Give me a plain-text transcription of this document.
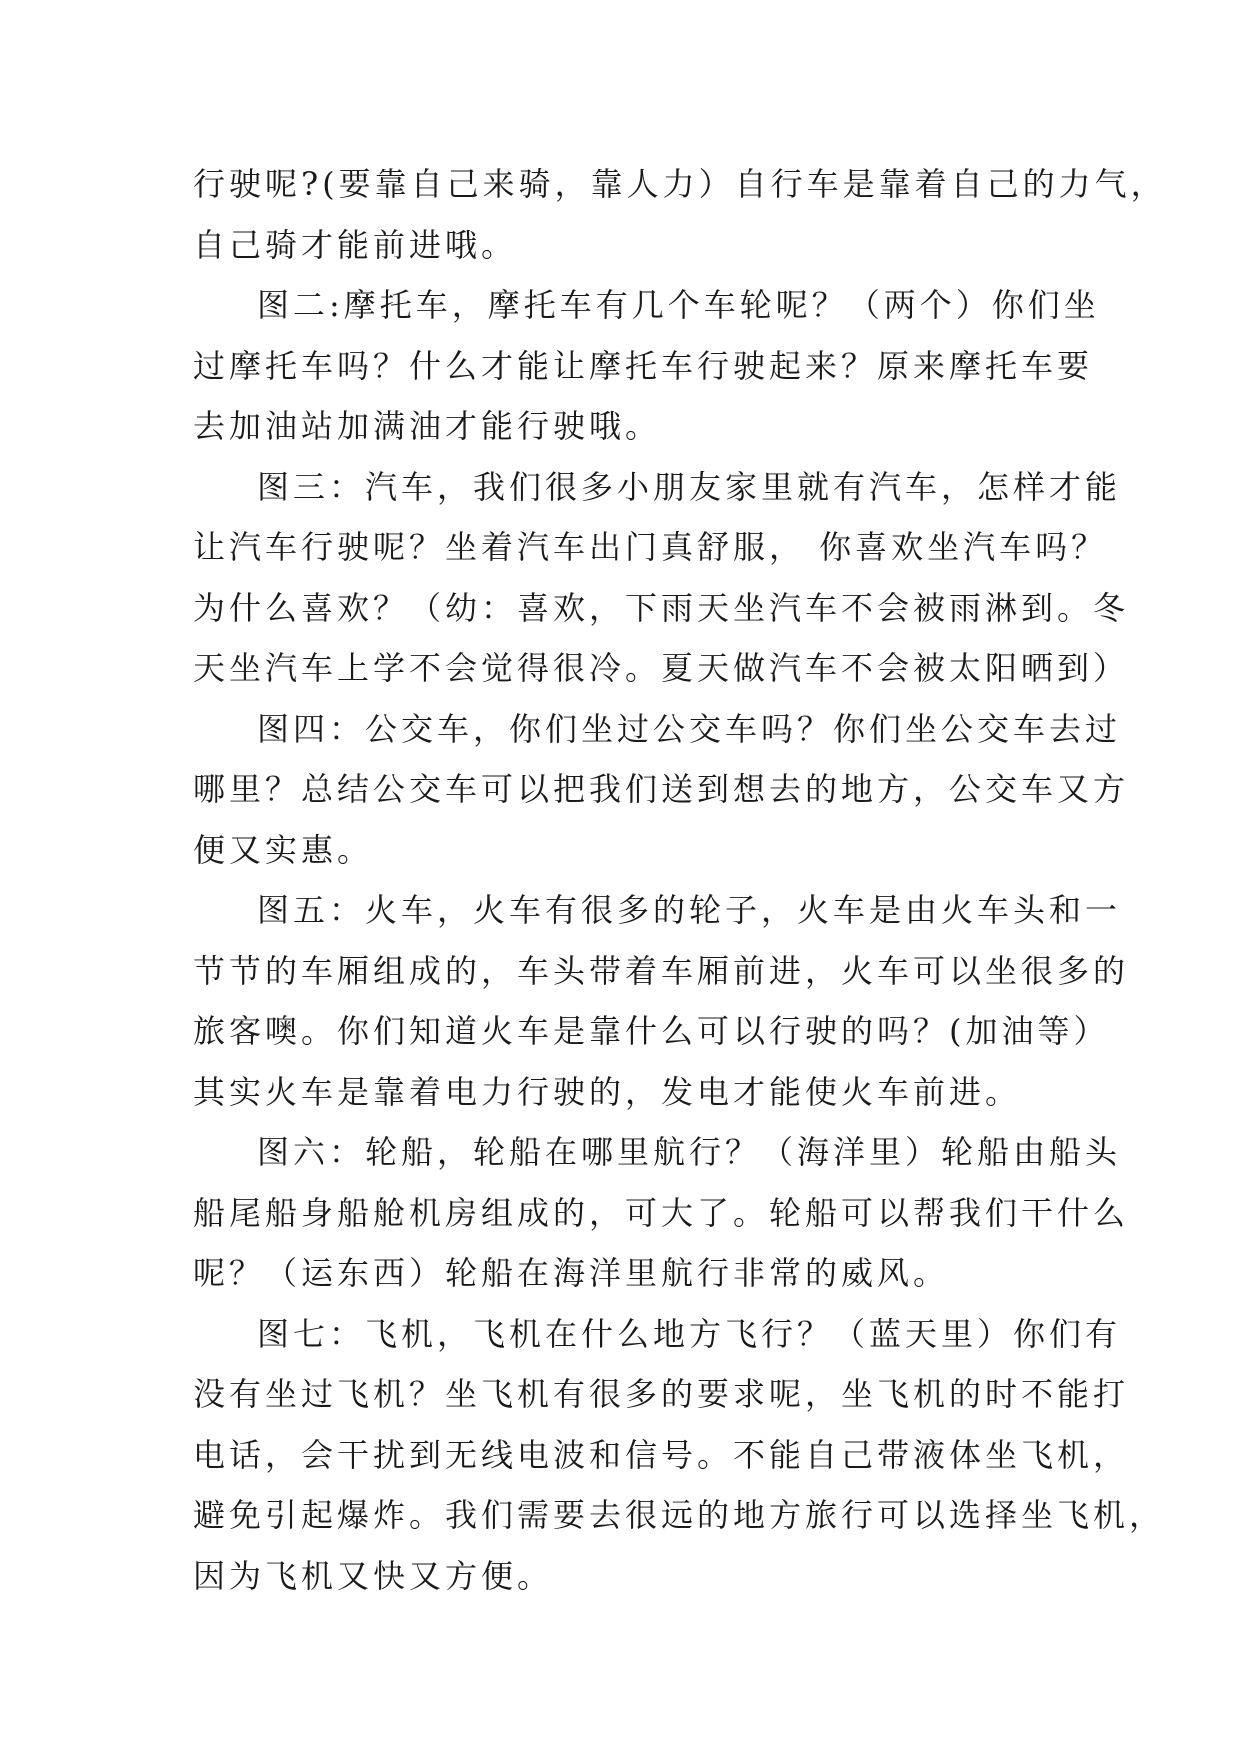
行驶呢?(要靠自己来骑，靠人力）自行车是靠着自己的力气，
自己骑才能前进哦。

图二:摩托车，摩托车有几个车轮呢？（两个）你们坐
过摩托车吗？什么才能让摩托车行驶起来？原来摩托车要
去加油站加满油才能行驶哦。

图三：汽车，我们很多小朋友家里就有汽车，怎样才能
让汽车行驶呢？坐着汽车出门真舒服， 你喜欢坐汽车吗？
为什么喜欢？（幼：喜欢，下雨天坐汽车不会被雨淋到。冬
天坐汽车上学不会觉得很冷。夏天做汽车不会被太阳晒到）

图四：公交车，你们坐过公交车吗？你们坐公交车去过
哪里？总结公交车可以把我们送到想去的地方，公交车又方
便又实惠。

图五：火车，火车有很多的轮子，火车是由火车头和一
节节的车厢组成的，车头带着车厢前进，火车可以坐很多的
旅客噢。你们知道火车是靠什么可以行驶的吗？(加油等）
其实火车是靠着电力行驶的，发电才能使火车前进。

图六：轮船，轮船在哪里航行？（海洋里）轮船由船头
船尾船身船舱机房组成的，可大了。轮船可以帮我们干什么
呢？（运东西）轮船在海洋里航行非常的威风。

图七：飞机，飞机在什么地方飞行？（蓝天里）你们有
没有坐过飞机？坐飞机有很多的要求呢，坐飞机的时不能打
电话，会干扰到无线电波和信号。不能自己带液体坐飞机，
避免引起爆炸。我们需要去很远的地方旅行可以选择坐飞机，
因为飞机又快又方便。
